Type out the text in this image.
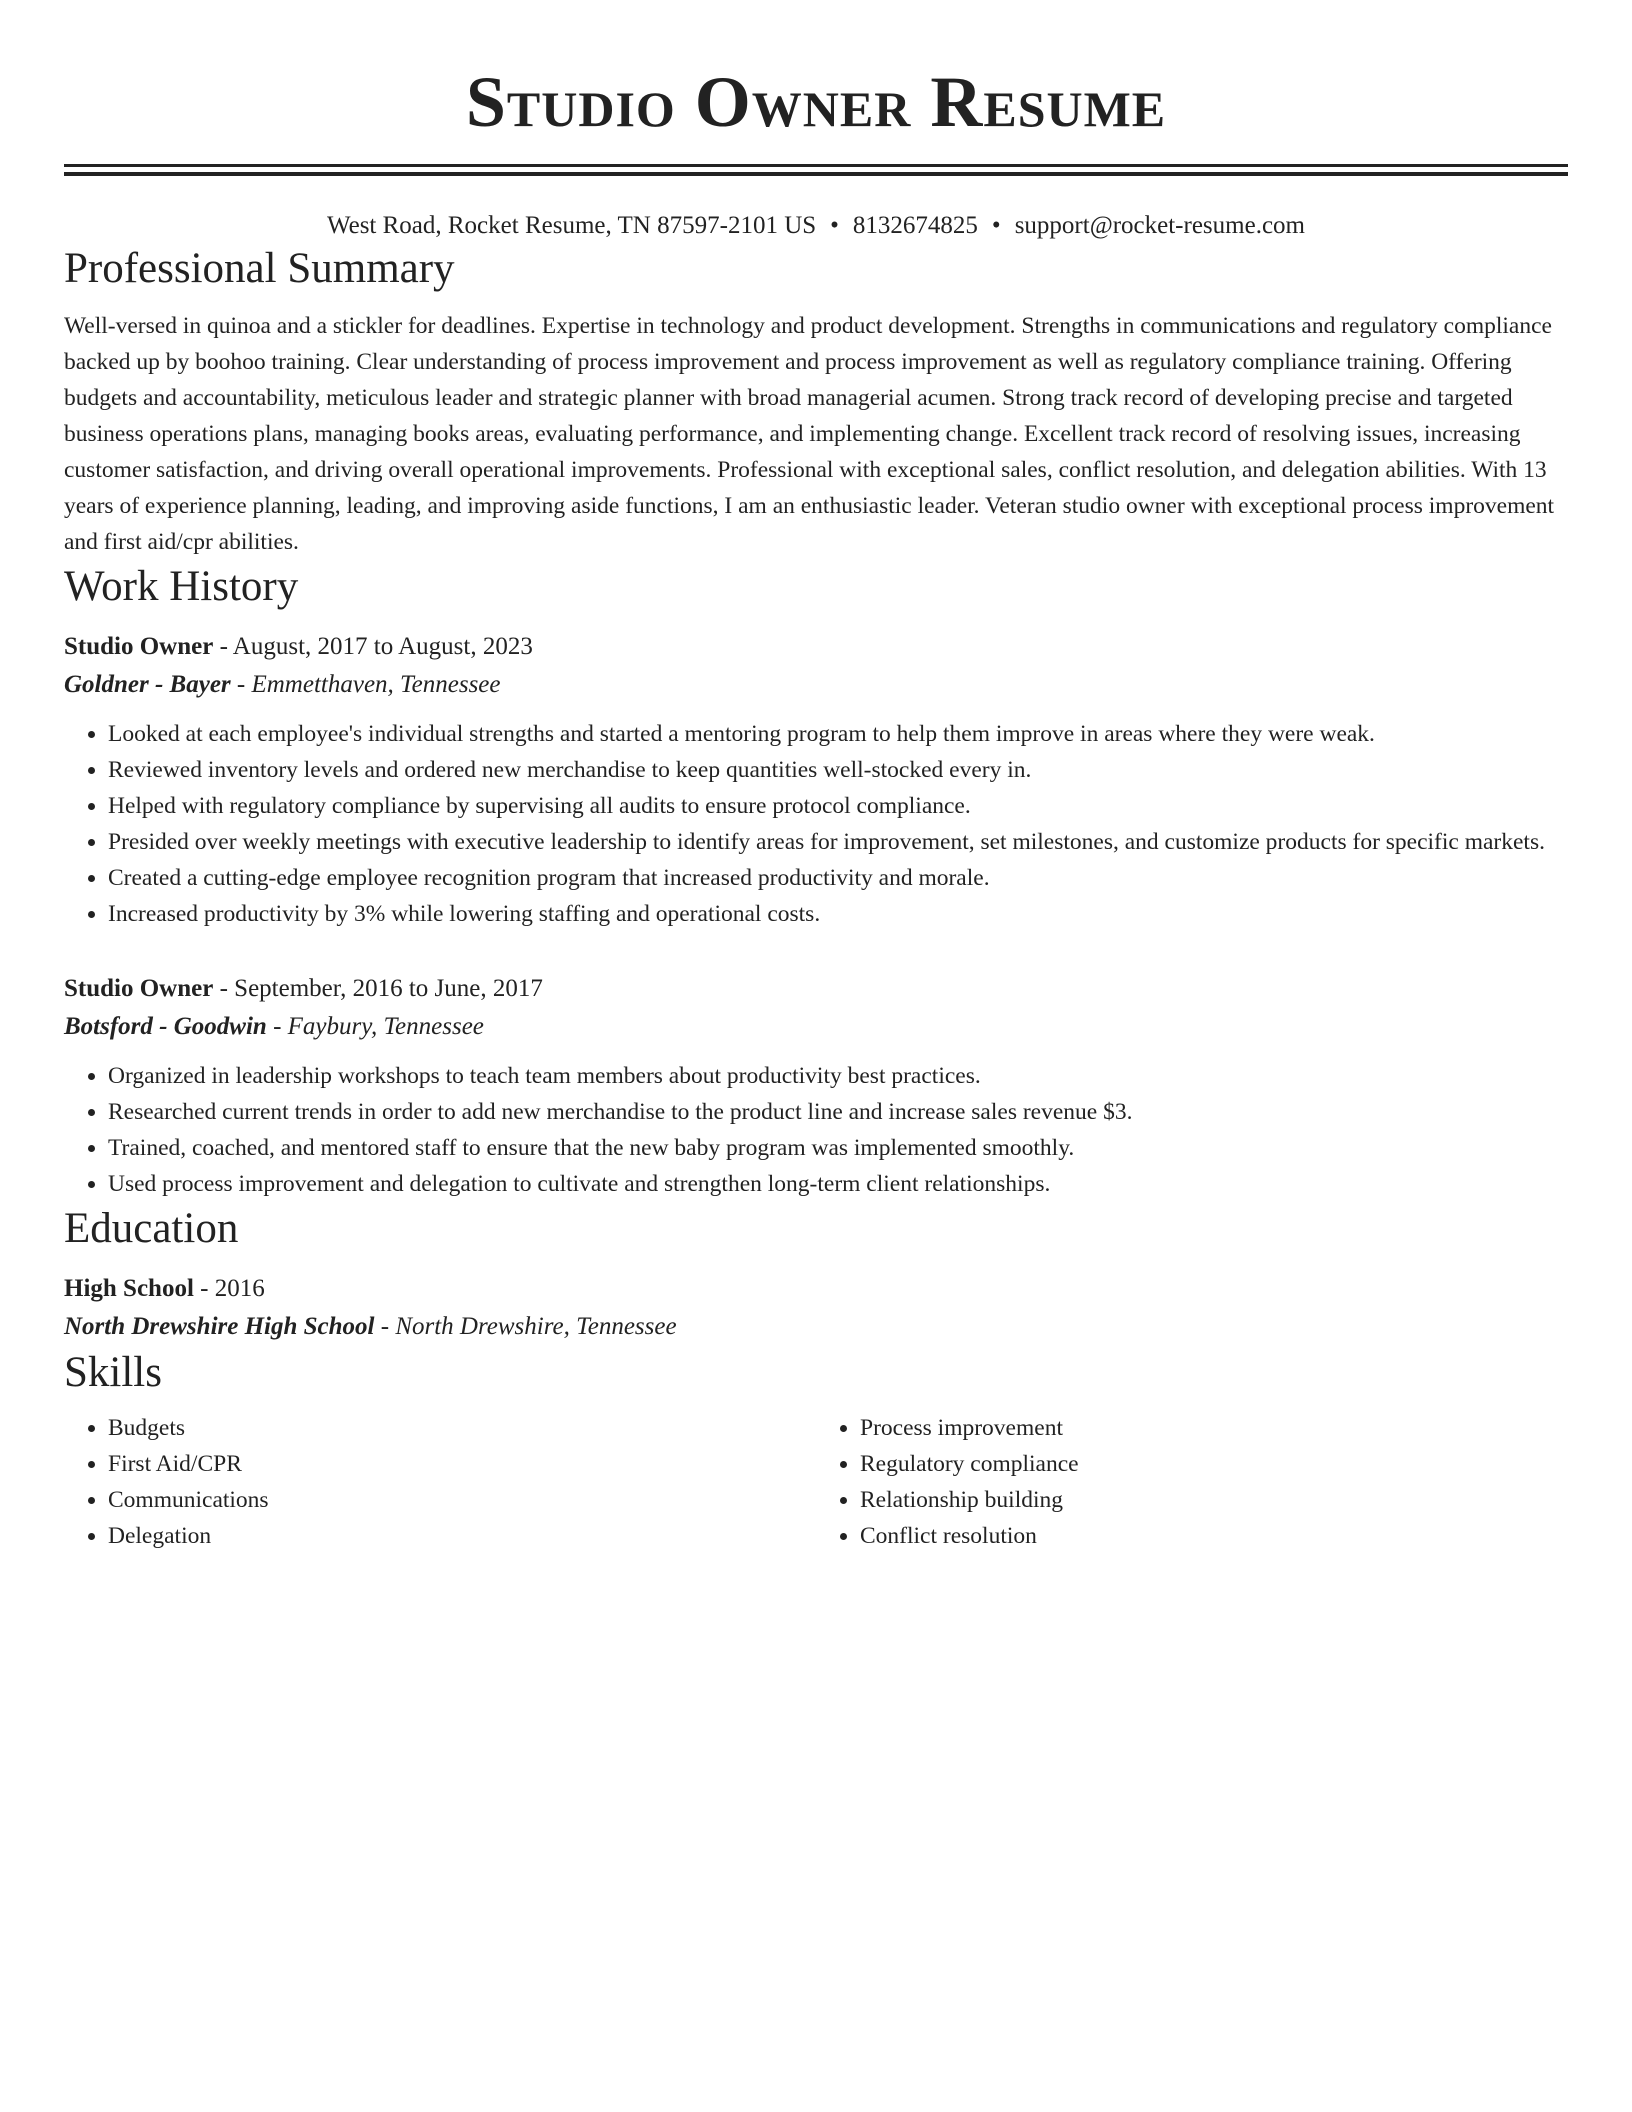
Studio Owner Resume
West Road, Rocket Resume, TN 87597-2101 US • 8132674825 • support@rocket-resume.com
Professional Summary
Well-versed in quinoa and a stickler for deadlines. Expertise in technology and product development. Strengths in communications and regulatory compliance backed up by boohoo training. Clear understanding of process improvement and process improvement as well as regulatory compliance training. Offering budgets and accountability, meticulous leader and strategic planner with broad managerial acumen. Strong track record of developing precise and targeted business operations plans, managing books areas, evaluating performance, and implementing change. Excellent track record of resolving issues, increasing customer satisfaction, and driving overall operational improvements. Professional with exceptional sales, conflict resolution, and delegation abilities. With 13 years of experience planning, leading, and improving aside functions, I am an enthusiastic leader. Veteran studio owner with exceptional process improvement and first aid/cpr abilities.
Work History
Studio Owner - August, 2017 to August, 2023
Goldner - Bayer - Emmetthaven, Tennessee
• Looked at each employee's individual strengths and started a mentoring program to help them improve in areas where they were weak.
• Reviewed inventory levels and ordered new merchandise to keep quantities well-stocked every in.
• Helped with regulatory compliance by supervising all audits to ensure protocol compliance.
• Presided over weekly meetings with executive leadership to identify areas for improvement, set milestones, and customize products for specific markets.
• Created a cutting-edge employee recognition program that increased productivity and morale.
• Increased productivity by 3% while lowering staffing and operational costs.
Studio Owner - September, 2016 to June, 2017
Botsford - Goodwin - Faybury, Tennessee
• Organized in leadership workshops to teach team members about productivity best practices.
• Researched current trends in order to add new merchandise to the product line and increase sales revenue $3.
• Trained, coached, and mentored staff to ensure that the new baby program was implemented smoothly.
• Used process improvement and delegation to cultivate and strengthen long-term client relationships.
Education
High School - 2016
North Drewshire High School - North Drewshire, Tennessee
Skills
• Budgets
• First Aid/CPR
• Communications
• Delegation
• Process improvement
• Regulatory compliance
• Relationship building
• Conflict resolution
